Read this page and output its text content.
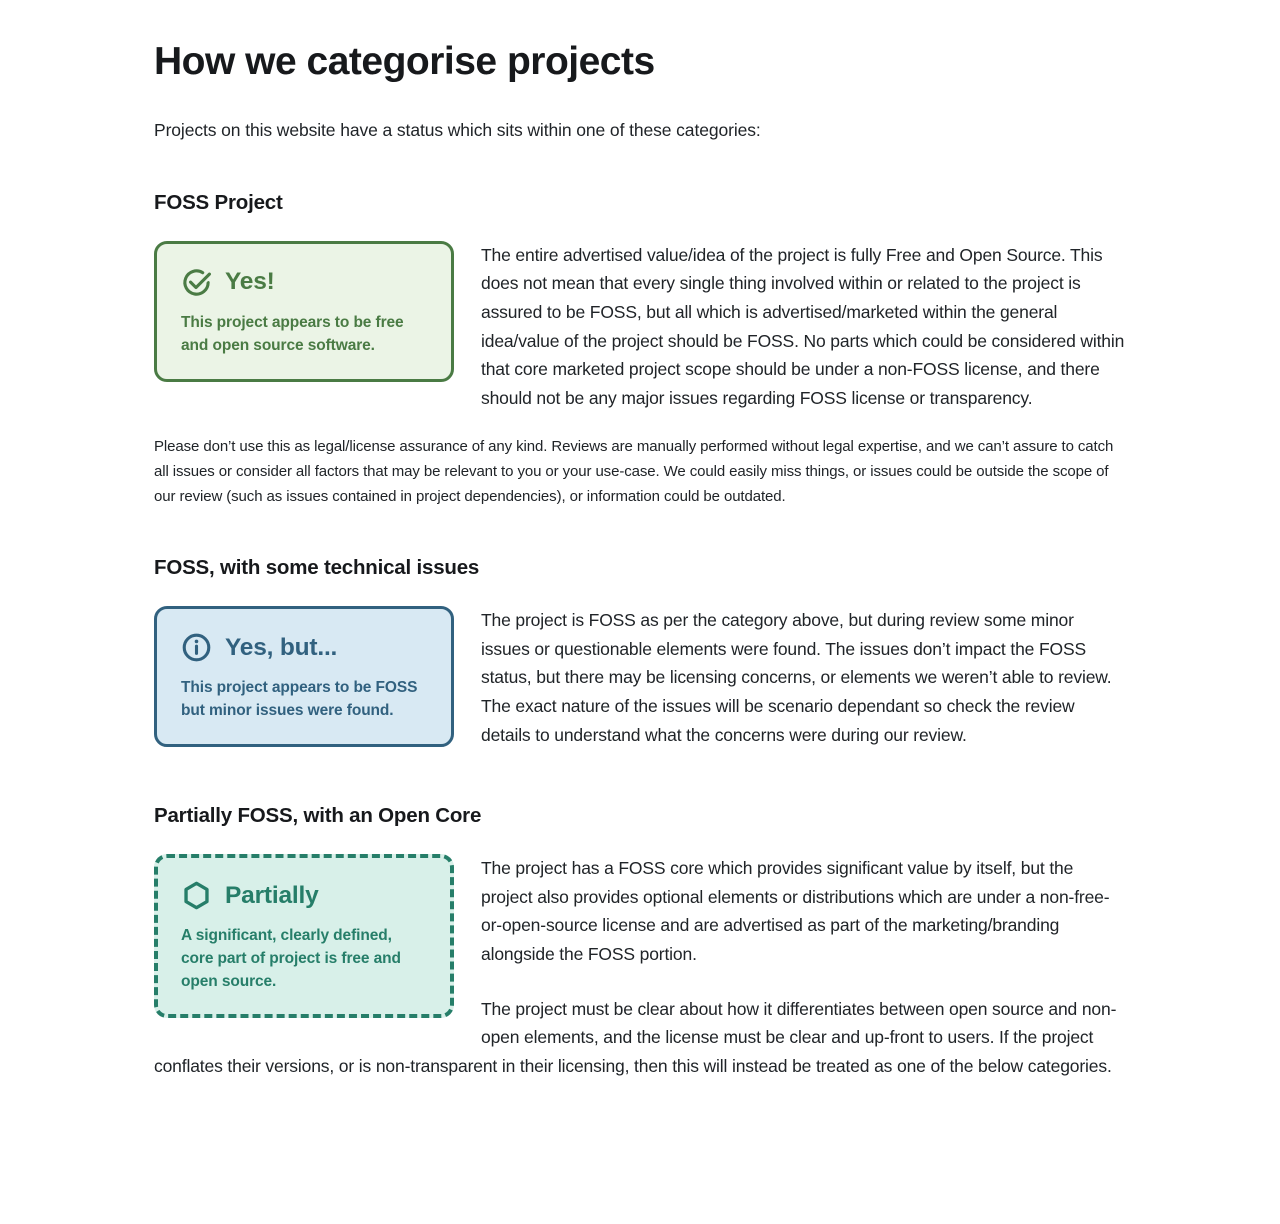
How we categorise projects

Projects on this website have a status which sits within one of these categories:

FOSS Project
Yes!

This project appears to be free and open source software.

The entire advertised value/idea of the project is fully Free and Open Source. This does not mean that every single thing involved within or related to the project is assured to be FOSS, but all which is advertised/marketed within the general idea/value of the project should be FOSS. No parts which could be considered within that core marketed project scope should be under a non-FOSS license, and there should not be any major issues regarding FOSS license or transparency.

Please don’t use this as legal/license assurance of any kind. Reviews are manually performed without legal expertise, and we can’t assure to catch all issues or consider all factors that may be relevant to you or your use-case. We could easily miss things, or issues could be outside the scope of our review (such as issues contained in project dependencies), or information could be outdated.

FOSS, with some technical issues
Yes, but...

This project appears to be FOSS but minor issues were found.

The project is FOSS as per the category above, but during review some minor issues or questionable elements were found. The issues don’t impact the FOSS status, but there may be licensing concerns, or elements we weren’t able to review. The exact nature of the issues will be scenario dependant so check the review details to understand what the concerns were during our review.

Partially FOSS, with an Open Core
Partially

A significant, clearly defined, core part of project is free and open source.

The project has a FOSS core which provides significant value by itself, but the project also provides optional elements or distributions which are under a non-free-or-open-source license and are advertised as part of the marketing/branding alongside the FOSS portion.

The project must be clear about how it differentiates between open source and non-open elements, and the license must be clear and up-front to users. If the project conflates their versions, or is non-transparent in their licensing, then this will instead be treated as one of the below categories.
